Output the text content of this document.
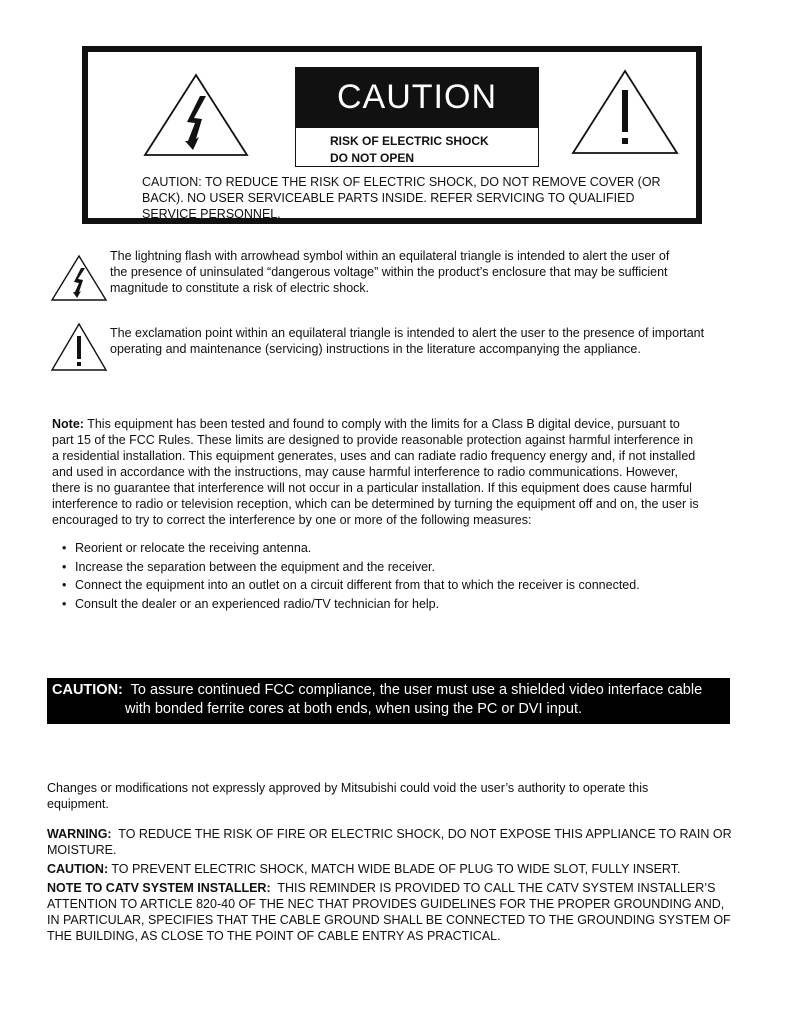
CAUTION
RISK OF ELECTRIC SHOCK
DO NOT OPEN
CAUTION: TO REDUCE THE RISK OF ELECTRIC SHOCK, DO NOT REMOVE COVER (OR
BACK). NO USER SERVICEABLE PARTS INSIDE. REFER SERVICING TO QUALIFIED
SERVICE PERSONNEL.
The lightning flash with arrowhead symbol within an equilateral triangle is intended to alert the user of
the presence of uninsulated “dangerous voltage” within the product’s enclosure that may be sufficient
magnitude to constitute a risk of electric shock.
The exclamation point within an equilateral triangle is intended to alert the user to the presence of important
operating and maintenance (servicing) instructions in the literature accompanying the appliance.
Note: This equipment has been tested and found to comply with the limits for a Class B digital device, pursuant to
part 15 of the FCC Rules. These limits are designed to provide reasonable protection against harmful interference in
a residential installation. This equipment generates, uses and can radiate radio frequency energy and, if not installed
and used in accordance with the instructions, may cause harmful interference to radio communications. However,
there is no guarantee that interference will not occur in a particular installation. If this equipment does cause harmful
interference to radio or television reception, which can be determined by turning the equipment off and on, the user is
encouraged to try to correct the interference by one or more of the following measures:
• Reorient or relocate the receiving antenna.
• Increase the separation between the equipment and the receiver.
• Connect the equipment into an outlet on a circuit different from that to which the receiver is connected.
• Consult the dealer or an experienced radio/TV technician for help.
CAUTION:  To assure continued FCC compliance, the user must use a shielded video interface cable
with bonded ferrite cores at both ends, when using the PC or DVI input.
Changes or modifications not expressly approved by Mitsubishi could void the user’s authority to operate this
equipment.
WARNING:  TO REDUCE THE RISK OF FIRE OR ELECTRIC SHOCK, DO NOT EXPOSE THIS APPLIANCE TO RAIN OR
MOISTURE.
CAUTION: TO PREVENT ELECTRIC SHOCK, MATCH WIDE BLADE OF PLUG TO WIDE SLOT, FULLY INSERT.
NOTE TO CATV SYSTEM INSTALLER:  THIS REMINDER IS PROVIDED TO CALL THE CATV SYSTEM INSTALLER’S
ATTENTION TO ARTICLE 820-40 OF THE NEC THAT PROVIDES GUIDELINES FOR THE PROPER GROUNDING AND,
IN PARTICULAR, SPECIFIES THAT THE CABLE GROUND SHALL BE CONNECTED TO THE GROUNDING SYSTEM OF
THE BUILDING, AS CLOSE TO THE POINT OF CABLE ENTRY AS PRACTICAL.
